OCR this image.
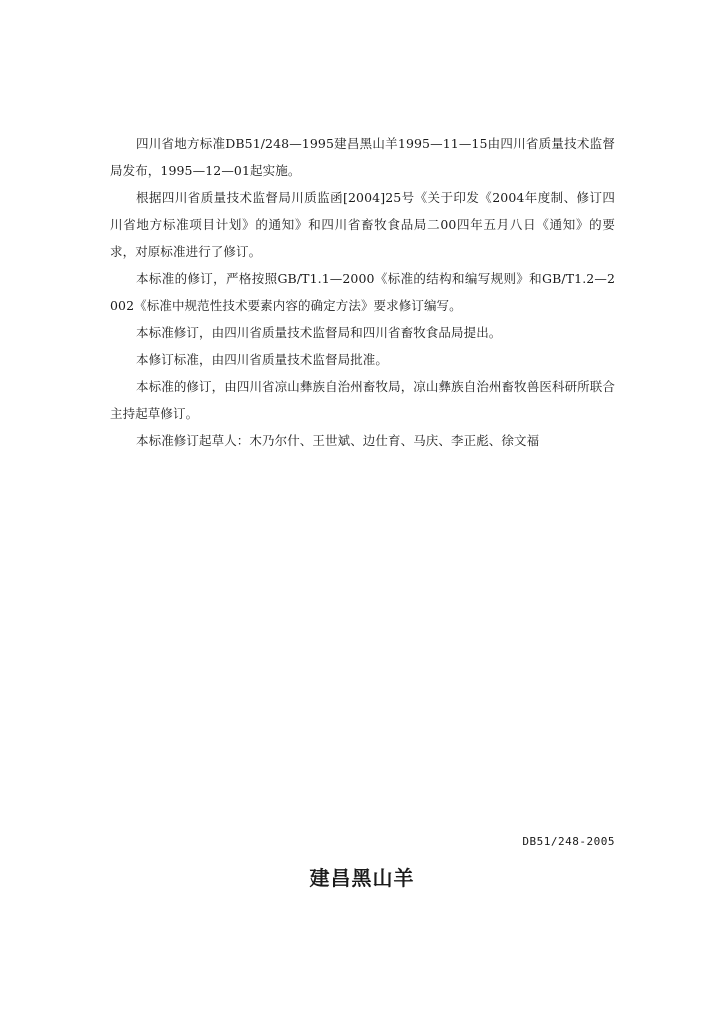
四川省地方标准DB51/248—1995建昌黑山羊1995—11—15由四川省质量技术监督局发布，1995—12—01起实施。

根据四川省质量技术监督局川质监函[2004]25号《关于印发《2004年度制、修订四川省地方标准项目计划》的通知》和四川省畜牧食品局二00四年五月八日《通知》的要求，对原标准进行了修订。

本标准的修订，严格按照GB/T1.1—2000《标准的结构和编写规则》和GB/T1.2—2002《标准中规范性技术要素内容的确定方法》要求修订编写。

本标准修订，由四川省质量技术监督局和四川省畜牧食品局提出。

本修订标准，由四川省质量技术监督局批准。

本标准的修订，由四川省凉山彝族自治州畜牧局，凉山彝族自治州畜牧兽医科研所联合主持起草修订。

本标准修订起草人：木乃尔什、王世斌、边仕育、马庆、李正彪、徐文福

DB51/248-2005
建昌黑山羊
